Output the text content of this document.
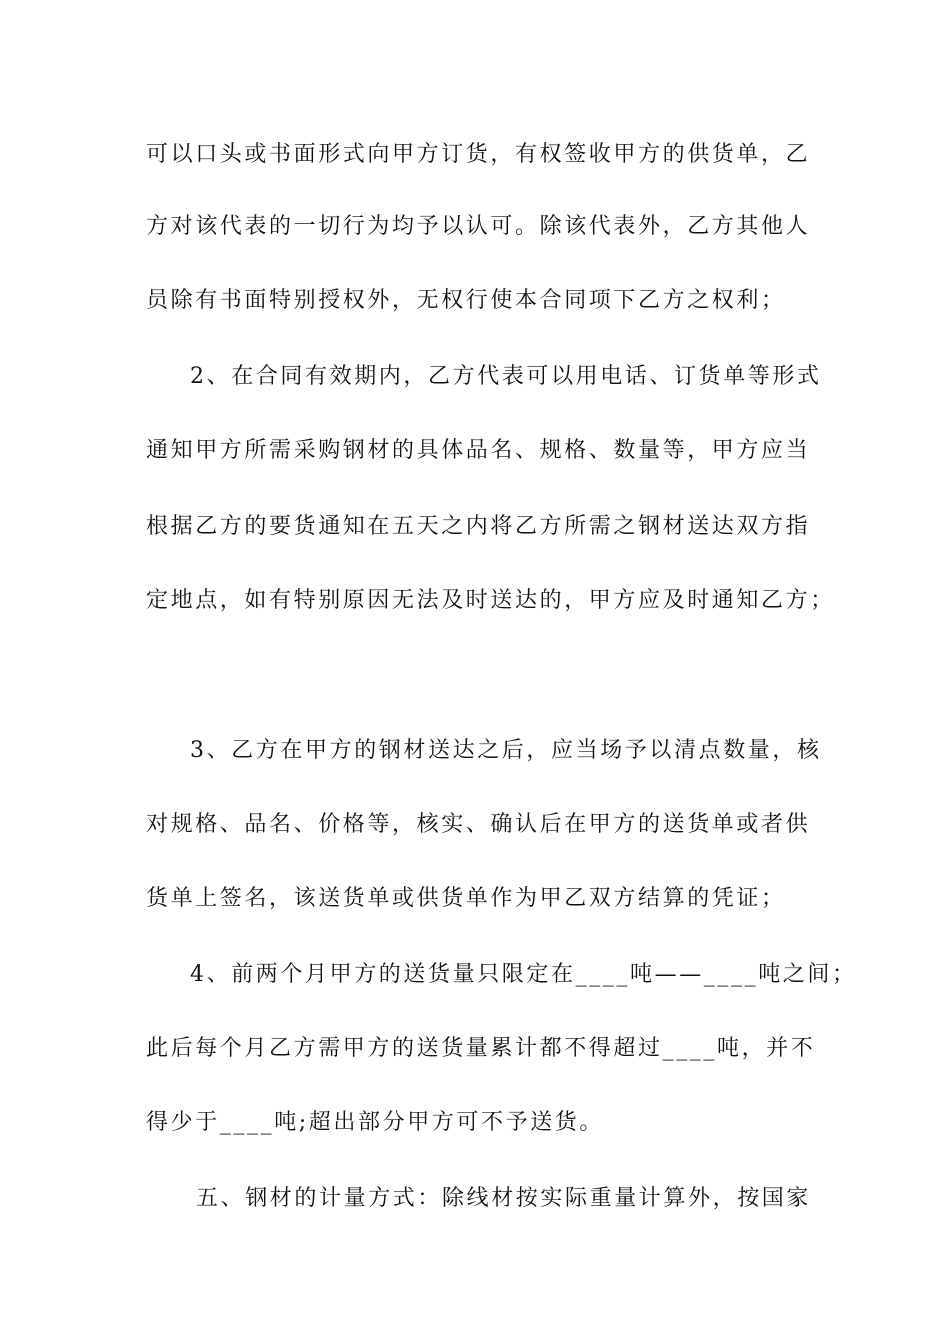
可以口头或书面形式向甲方订货，有权签收甲方的供货单，乙
方对该代表的一切行为均予以认可。除该代表外，乙方其他人
员除有书面特别授权外，无权行使本合同项下乙方之权利；
2、在合同有效期内，乙方代表可以用电话、订货单等形式
通知甲方所需采购钢材的具体品名、规格、数量等，甲方应当
根据乙方的要货通知在五天之内将乙方所需之钢材送达双方指
定地点，如有特别原因无法及时送达的，甲方应及时通知乙方；
3、乙方在甲方的钢材送达之后，应当场予以清点数量，核
对规格、品名、价格等，核实、确认后在甲方的送货单或者供
货单上签名，该送货单或供货单作为甲乙双方结算的凭证；
4、前两个月甲方的送货量只限定在____吨——____吨之间；
此后每个月乙方需甲方的送货量累计都不得超过____吨，并不
得少于____吨;超出部分甲方可不予送货。
五、钢材的计量方式：除线材按实际重量计算外，按国家
